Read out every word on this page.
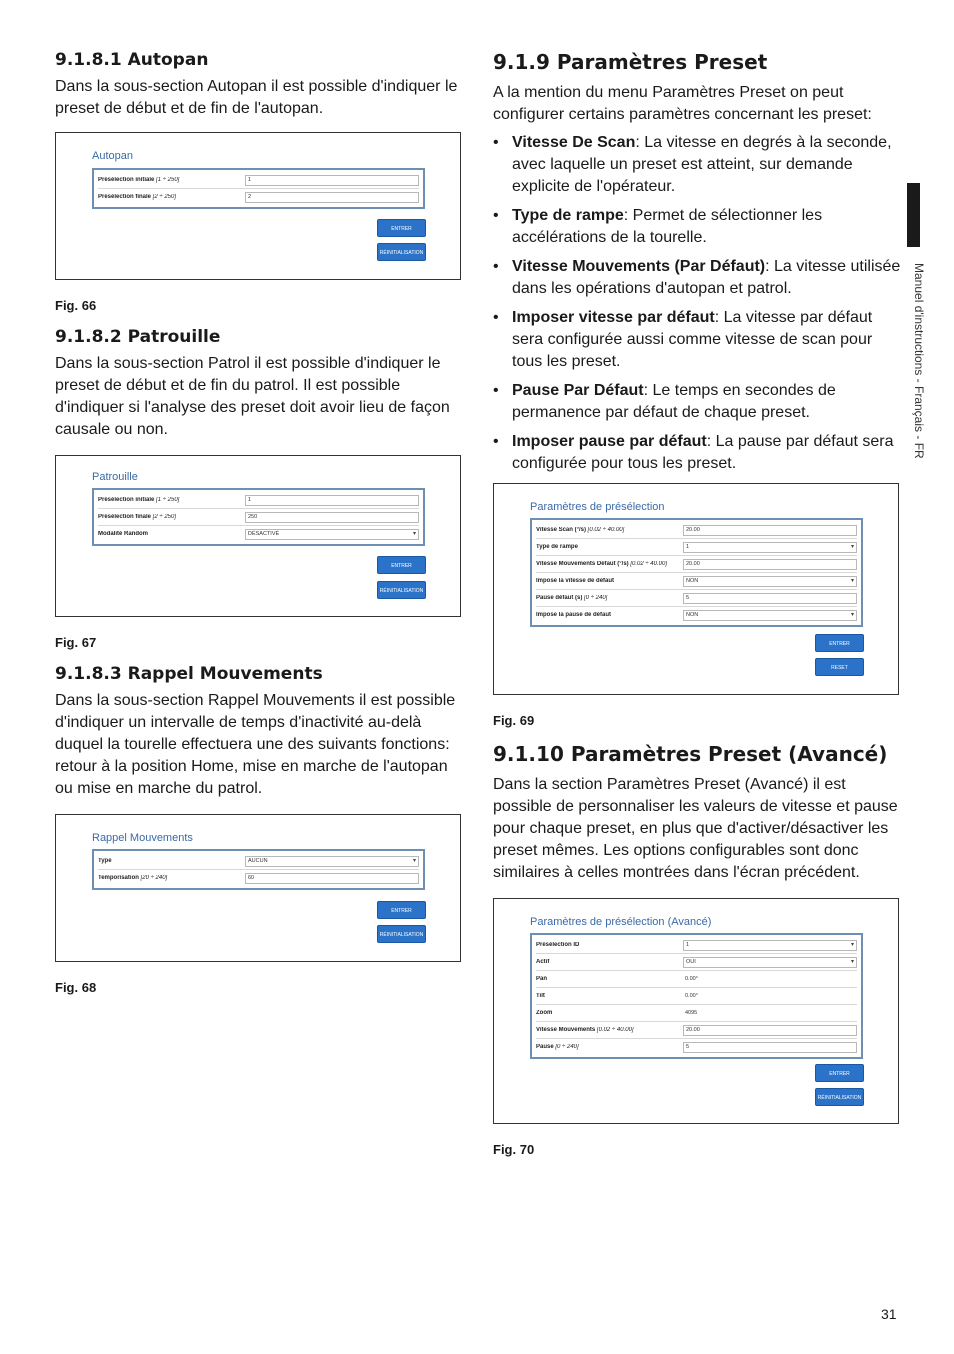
9.1.8.1 Autopan

Dans la sous-section Autopan il est possible d'indiquer le preset de début et de fin de l'autopan.

Autopan
Présélection initiale [1 ÷ 250]	1
Présélection finale [2 ÷ 250]	2
ENTRER
RÉINITIALISATION

Fig. 66

9.1.8.2 Patrouille

Dans la sous-section Patrol il est possible d'indiquer le preset de début et de fin du patrol. Il est possible d'indiquer si l'analyse des preset doit avoir lieu de façon causale ou non.

Patrouille
Présélection initiale [1 ÷ 250]	1
Présélection finale [2 ÷ 250]	250
Modalité Random	DÉSACTIVÉ ▾
ENTRER
RÉINITIALISATION

Fig. 67

9.1.8.3 Rappel Mouvements

Dans la sous-section Rappel Mouvements il est possible d'indiquer un intervalle de temps d'inactivité au-delà duquel la tourelle effectuera une des suivants fonctions: retour à la position Home, mise en marche de l'autopan ou mise en marche du patrol.

Rappel Mouvements
Type	AUCUN ▾
Temporisation [20 ÷ 240]	60
ENTRER
RÉINITIALISATION

Fig. 68

9.1.9 Paramètres Preset

A la mention du menu Paramètres Preset on peut configurer certains paramètres concernant les preset:

• Vitesse De Scan: La vitesse en degrés à la seconde, avec laquelle un preset est atteint, sur demande explicite de l'opérateur.
• Type de rampe: Permet de sélectionner les accélérations de la tourelle.
• Vitesse Mouvements (Par Défaut): La vitesse utilisée dans les opérations d'autopan et patrol.
• Imposer vitesse par défaut: La vitesse par défaut sera configurée aussi comme vitesse de scan pour tous les preset.
• Pause Par Défaut: Le temps en secondes de permanence par défaut de chaque preset.
• Imposer pause par défaut: La pause par défaut sera configurée pour tous les preset.
Paramètres de présélection
Vitesse Scan (°/s) [0.02 ÷ 40.00]	20.00
Type de rampe	1 ▾
Vitesse Mouvements Défaut (°/s) [0.02 ÷ 40.00]	20.00
Impose la vitesse de défaut	NON ▾
Pause défaut (s) [0 ÷ 240]	5
Impose la pause de défaut	NON ▾
ENTRER
RESET

Fig. 69

9.1.10 Paramètres Preset (Avancé)

Dans la section Paramètres Preset (Avancé) il est possible de personnaliser les valeurs de vitesse et pause pour chaque preset, en plus que d'activer/désactiver les preset mêmes. Les options configurables sont donc similaires à celles montrées dans l'écran précédent.

Paramètres de présélection (Avancé)
Présélection ID	1 ▾
Actif	OUI ▾
Pan	0.00°
Tilt	0.00°
Zoom	4095
Vitesse Mouvements [0.02 ÷ 40.00]	20.00
Pause [0 ÷ 240]	5
ENTRER
RÉINITIALISATION

Fig. 70

Manuel d'instructions - Français - FR
31
